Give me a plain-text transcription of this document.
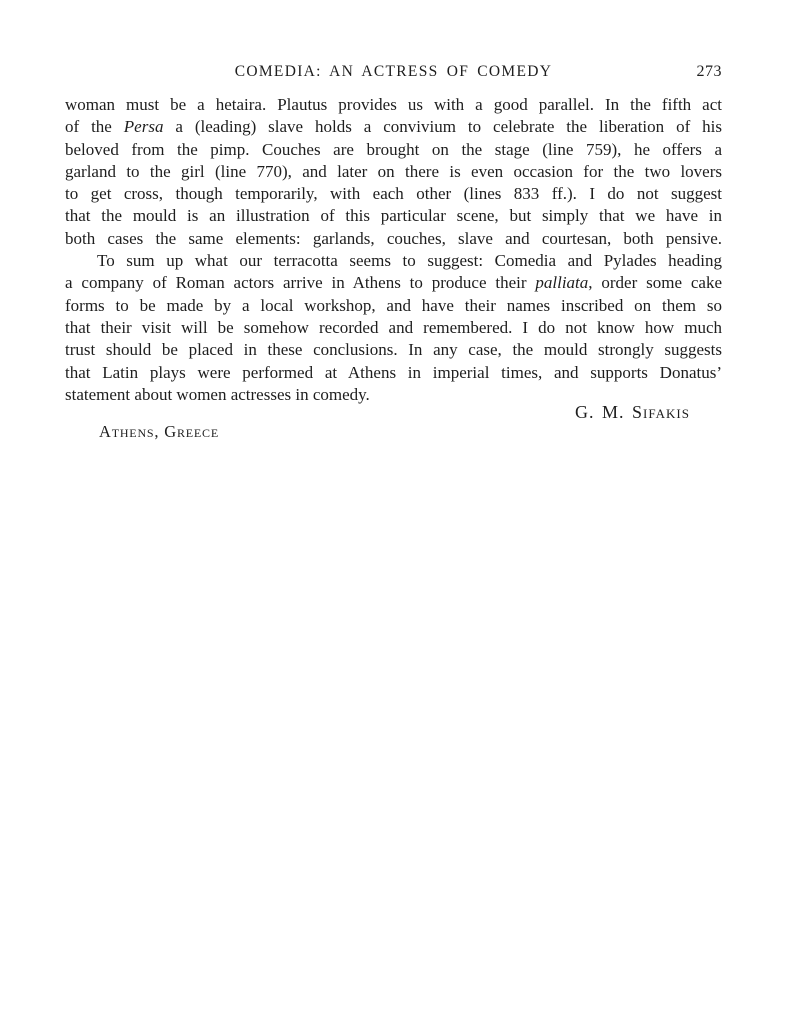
COMEDIA: AN ACTRESS OF COMEDY	273
woman must be a hetaira. Plautus provides us with a good parallel. In the fifth act
of the Persa a (leading) slave holds a convivium to celebrate the liberation of his
beloved from the pimp. Couches are brought on the stage (line 759), he offers a
garland to the girl (line 770), and later on there is even occasion for the two lovers
to get cross, though temporarily, with each other (lines 833 ff.). I do not suggest
that the mould is an illustration of this particular scene, but simply that we have in
both cases the same elements: garlands, couches, slave and courtesan, both pensive.
To sum up what our terracotta seems to suggest: Comedia and Pylades heading
a company of Roman actors arrive in Athens to produce their palliata, order some cake
forms to be made by a local workshop, and have their names inscribed on them so
that their visit will be somehow recorded and remembered. I do not know how much
trust should be placed in these conclusions. In any case, the mould strongly suggests
that Latin plays were performed at Athens in imperial times, and supports Donatus’
statement about women actresses in comedy.
G. M. Sifakis
Athens, Greece
